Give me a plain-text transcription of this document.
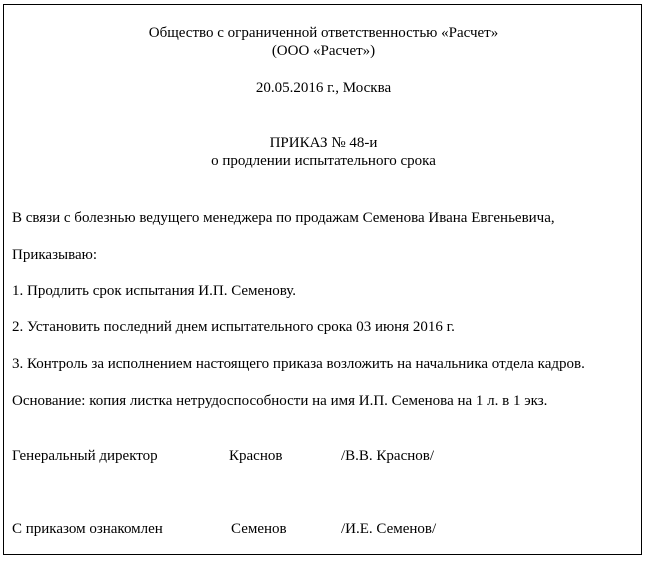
Общество с ограниченной ответственностью «Расчет»
(ООО «Расчет»)
20.05.2016 г., Москва
ПРИКАЗ № 48-и
о продлении испытательного срока
В связи с болезнью ведущего менеджера по продажам Семенова Ивана Евгеньевича,
Приказываю:
1. Продлить срок испытания И.П. Семенову.
2. Установить последний днем испытательного срока 03 июня 2016 г.
3. Контроль за исполнением настоящего приказа возложить на начальника отдела кадров.
Основание: копия листка нетрудоспособности на имя И.П. Семенова на 1 л. в 1 экз.
Генеральный директор	Краснов	/В.В. Краснов/
С приказом ознакомлен	Семенов	/И.Е. Семенов/
